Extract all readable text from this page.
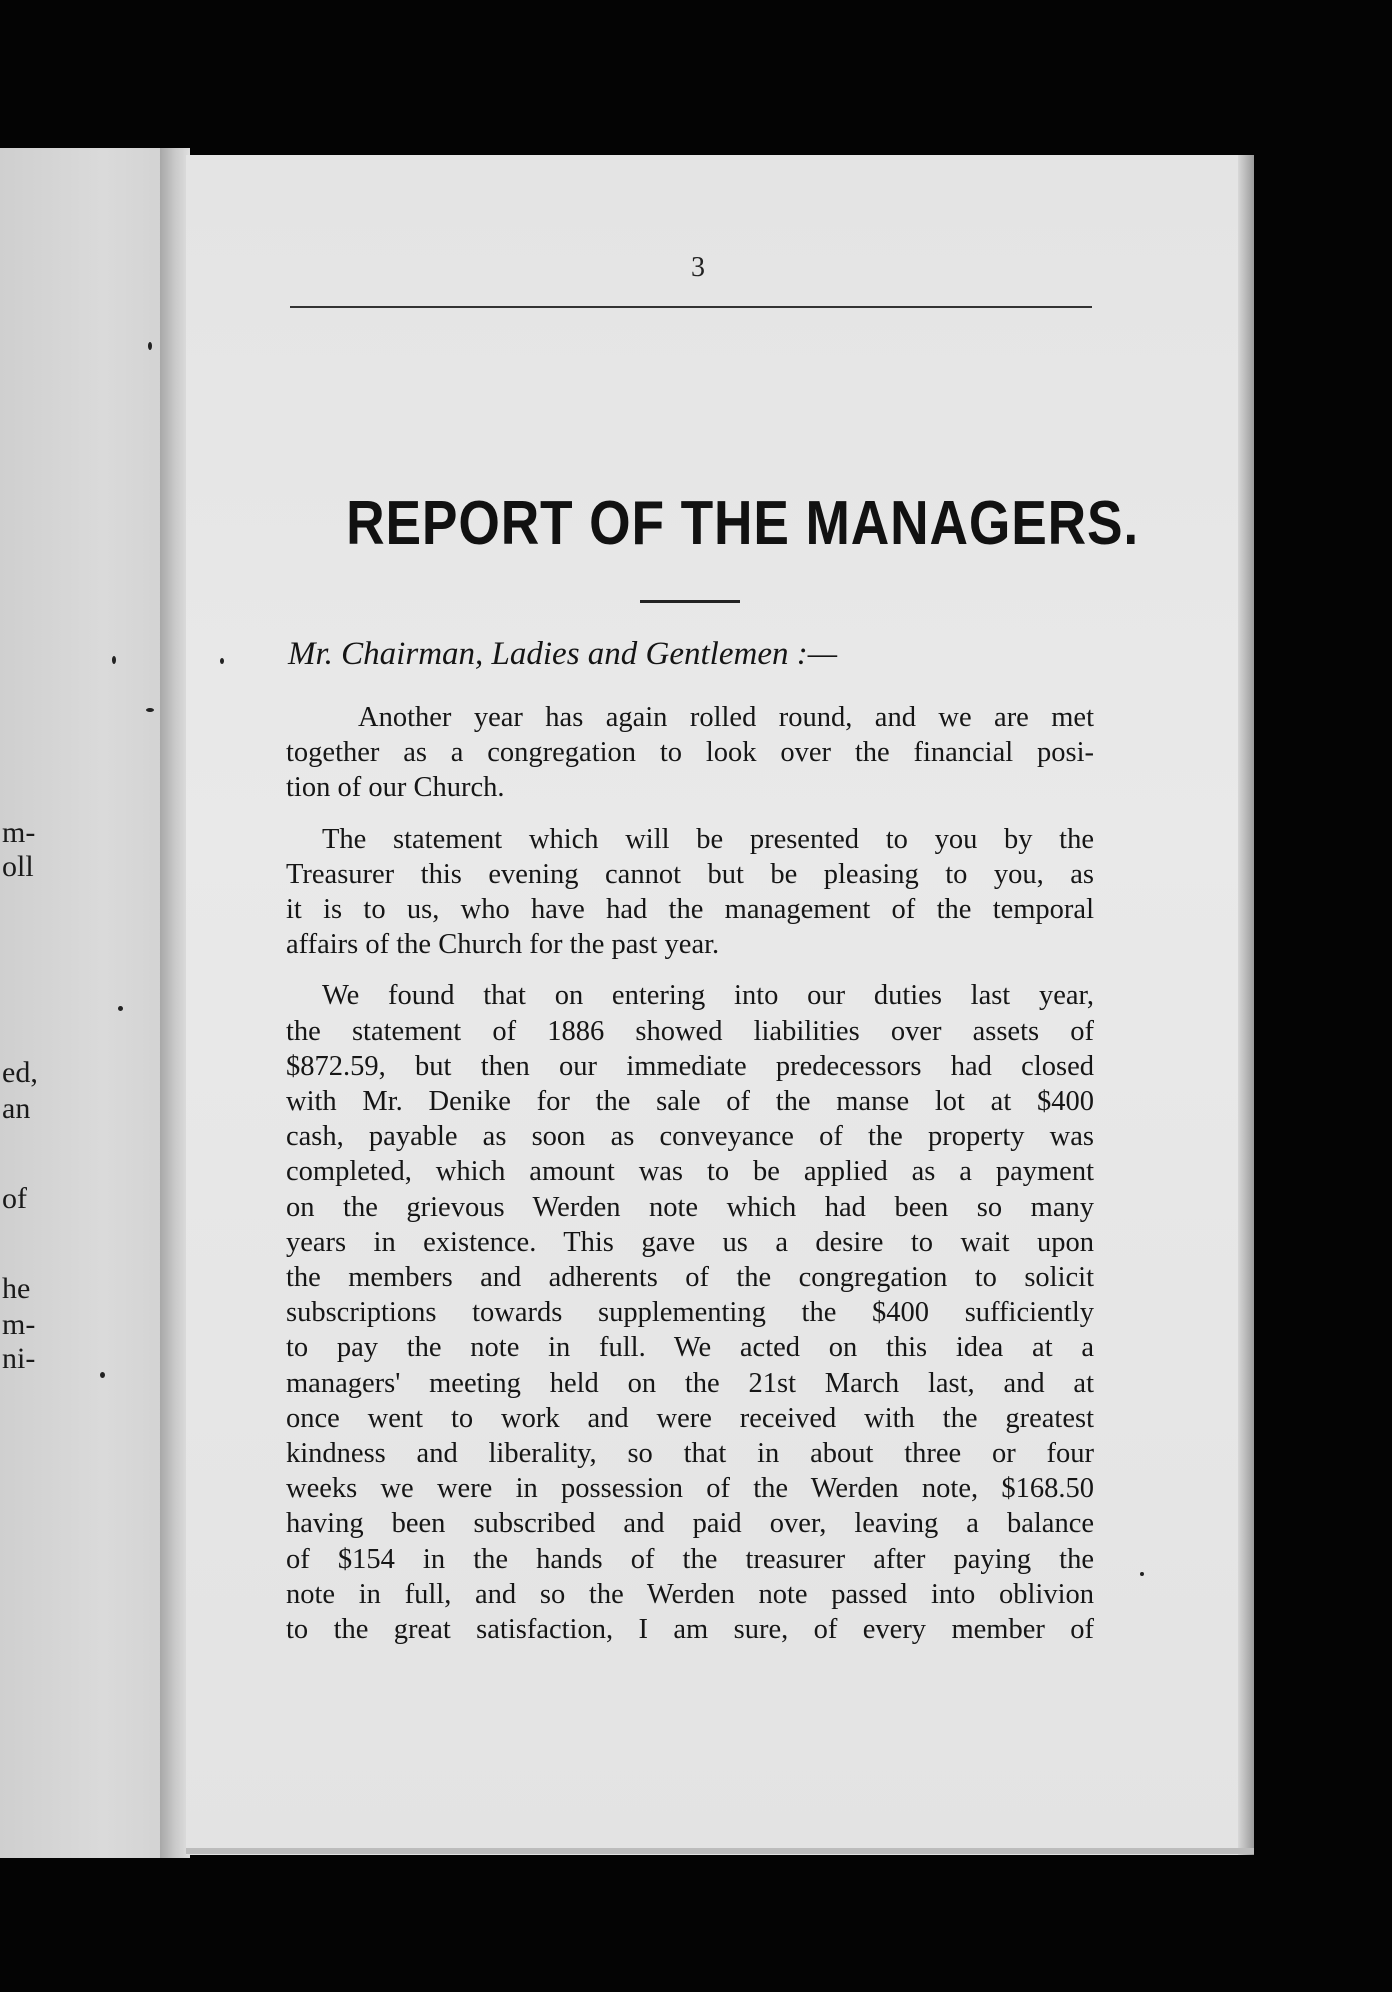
m-
oll
ed,
an
of
he
m-
ni-
3
REPORT OF THE MANAGERS.
Mr. Chairman, Ladies and Gentlemen :—

Another year has again rolled round, and we are met
together as a congregation to look over the financial posi-
tion of our Church.

The statement which will be presented to you by the
Treasurer this evening cannot but be pleasing to you, as
it is to us, who have had the management of the temporal
affairs of the Church for the past year.

We found that on entering into our duties last year,
the statement of 1886 showed liabilities over assets of
$872.59, but then our immediate predecessors had closed
with Mr. Denike for the sale of the manse lot at $400
cash, payable as soon as conveyance of the property was
completed, which amount was to be applied as a payment
on the grievous Werden note which had been so many
years in existence. This gave us a desire to wait upon
the members and adherents of the congregation to solicit
subscriptions towards supplementing the $400 sufficiently
to pay the note in full. We acted on this idea at a
managers' meeting held on the 21st March last, and at
once went to work and were received with the greatest
kindness and liberality, so that in about three or four
weeks we were in possession of the Werden note, $168.50
having been subscribed and paid over, leaving a balance
of $154 in the hands of the treasurer after paying the
note in full, and so the Werden note passed into oblivion
to the great satisfaction, I am sure, of every member of
